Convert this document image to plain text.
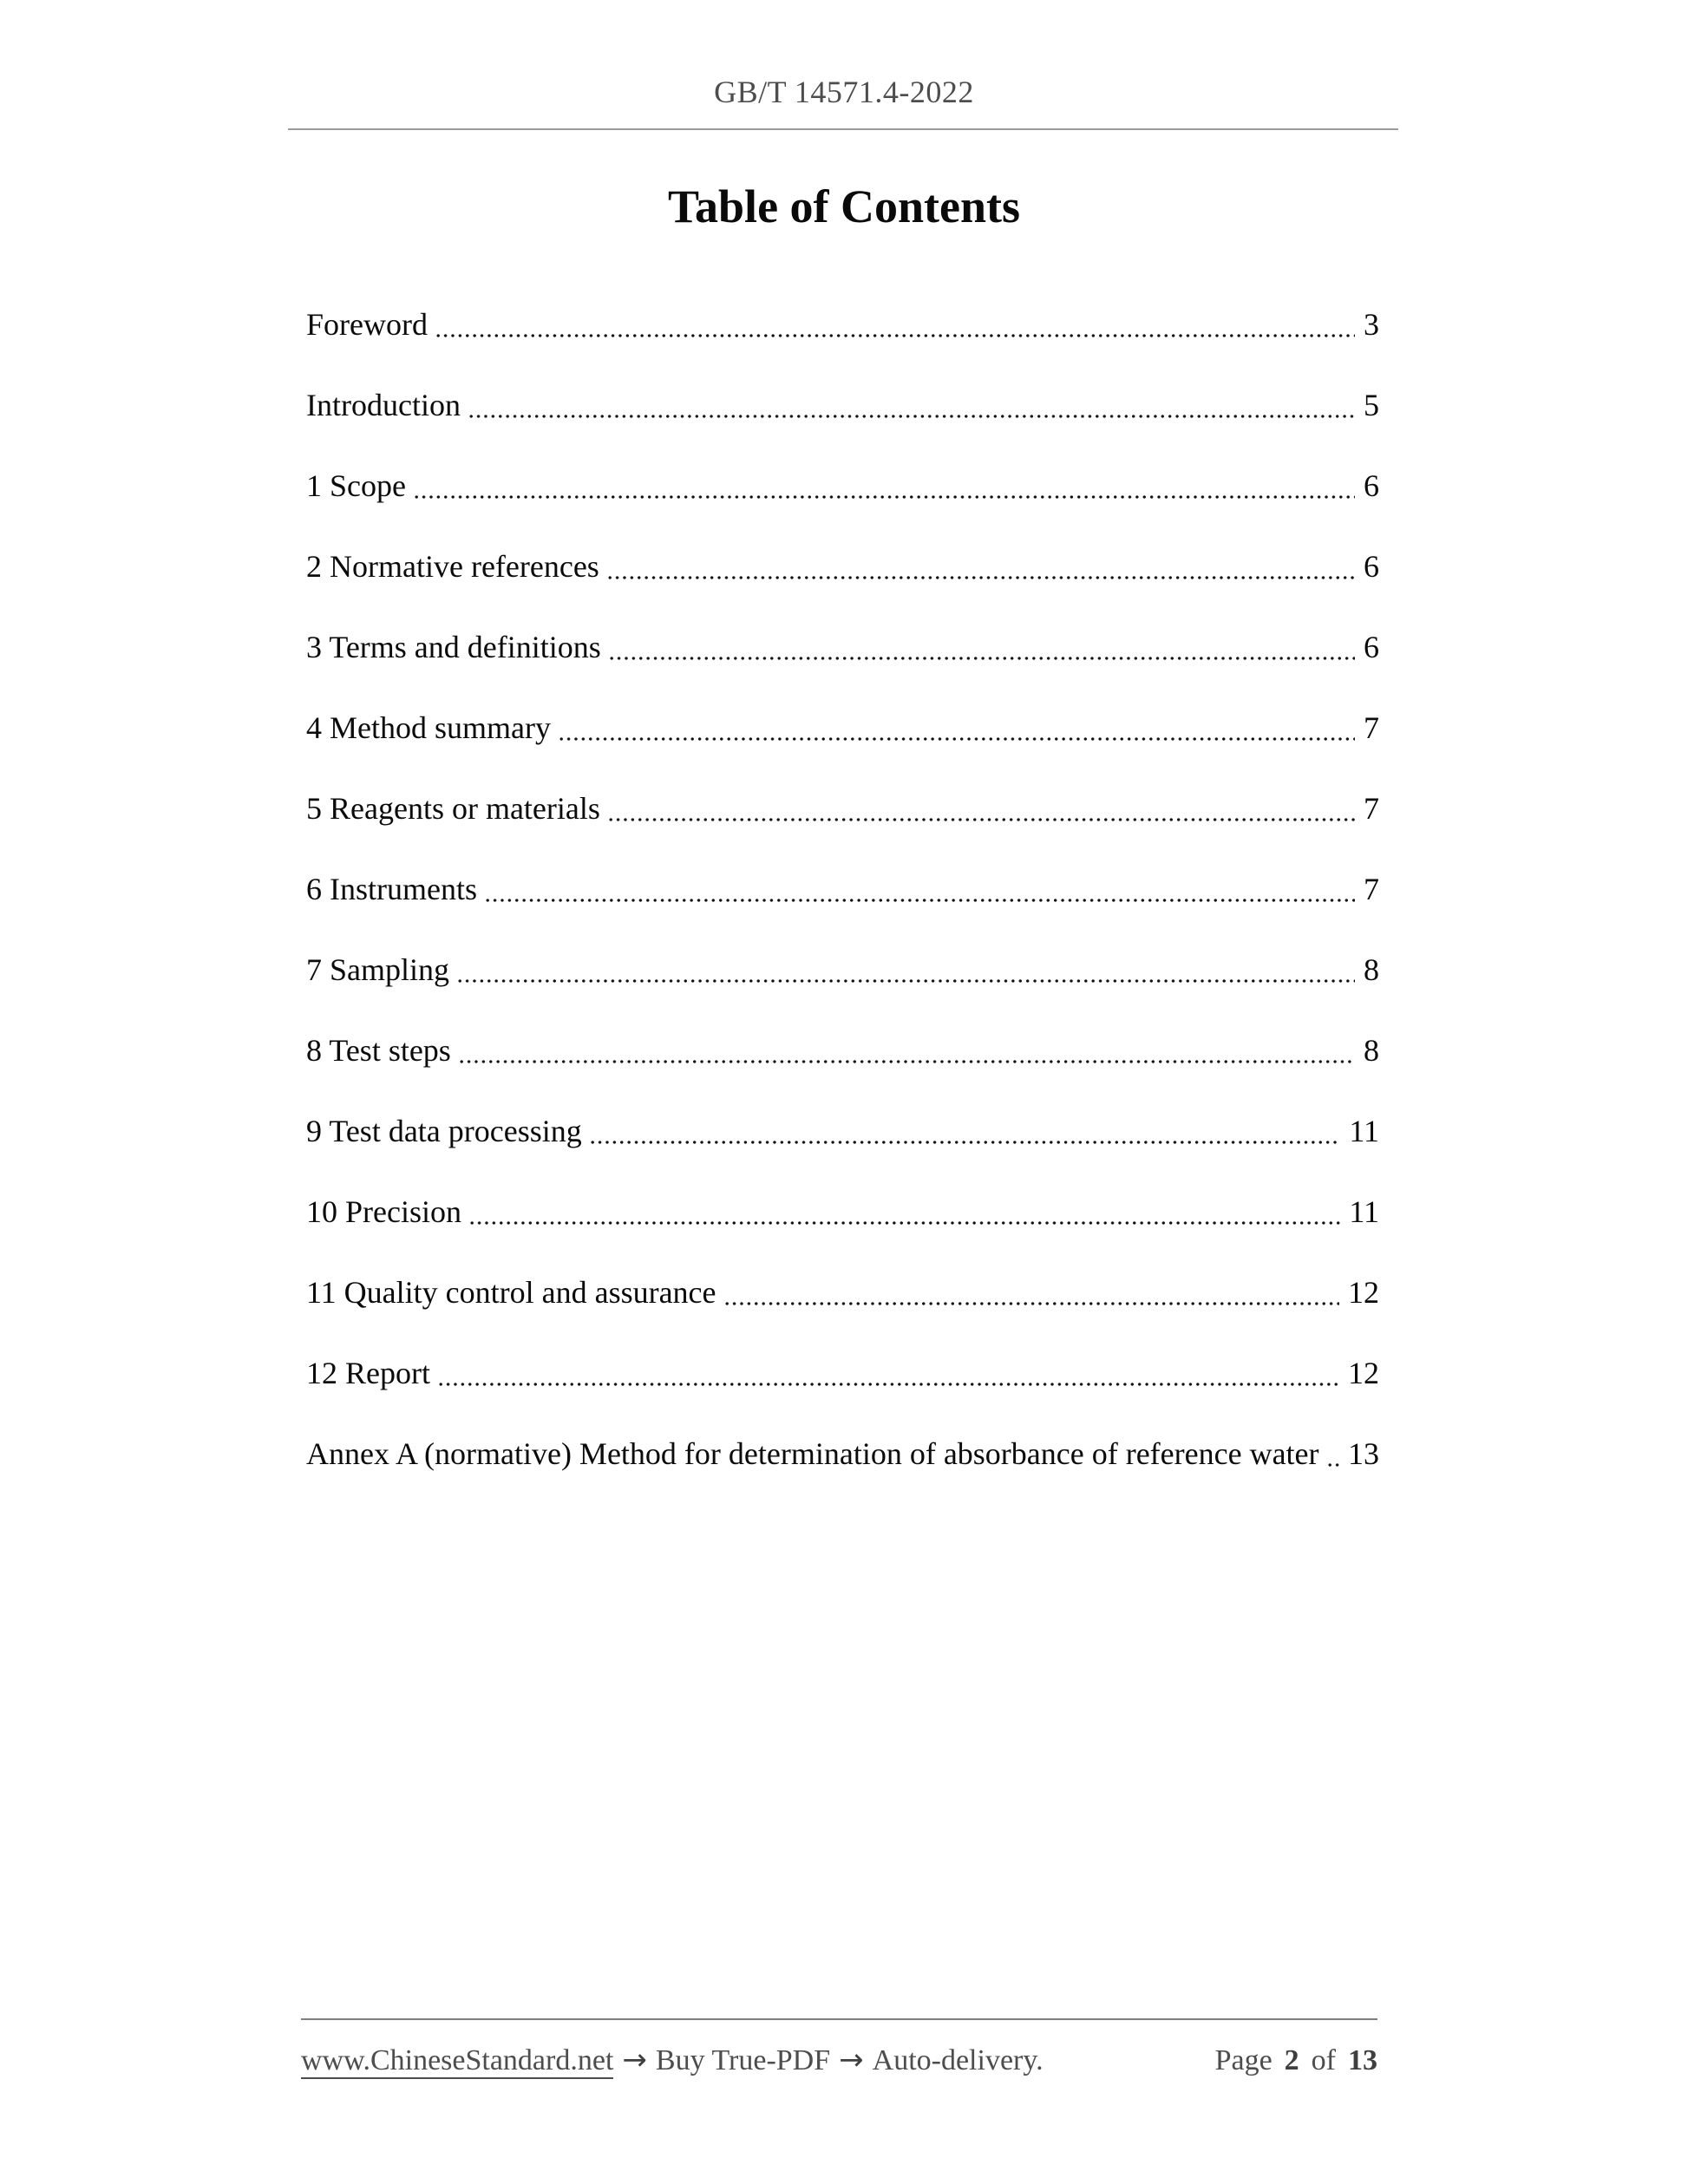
GB/T 14571.4-2022
Table of Contents
Foreword	3
Introduction	5
1 Scope	6
2 Normative references	6
3 Terms and definitions	6
4 Method summary	7
5 Reagents or materials	7
6 Instruments	7
7 Sampling	8
8 Test steps	8
9 Test data processing	11
10 Precision	11
11 Quality control and assurance	12
12 Report	12
Annex A (normative) Method for determination of absorbance of reference water 13
www.ChineseStandard.net → Buy True-PDF → Auto-delivery.	Page 2 of 13
